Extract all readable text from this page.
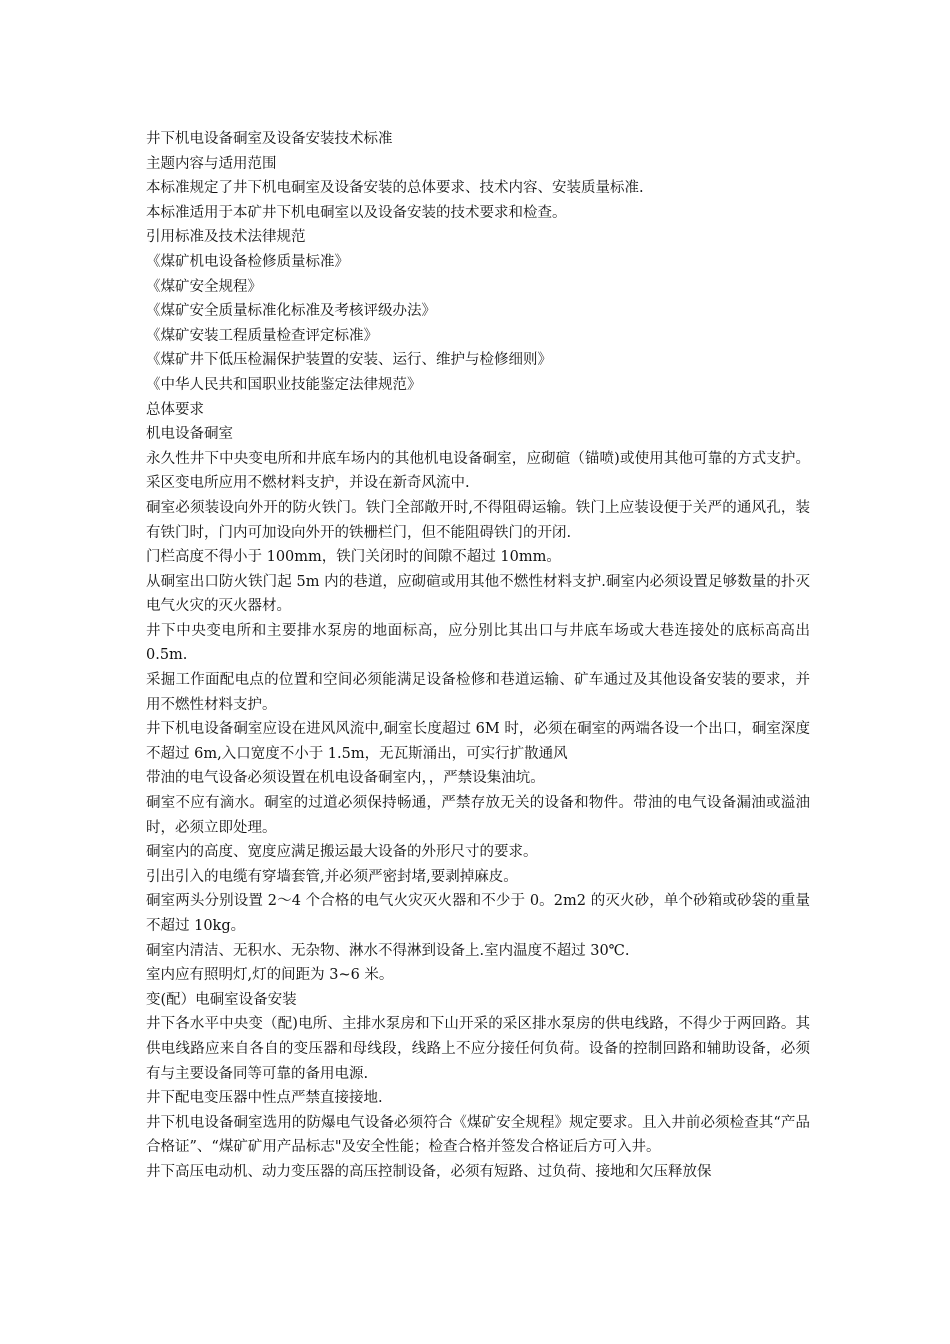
井下机电设备硐室及设备安装技术标准

主题内容与适用范围

本标准规定了井下机电硐室及设备安装的总体要求、技术内容、安装质量标准.

本标准适用于本矿井下机电硐室以及设备安装的技术要求和检查。

引用标准及技术法律规范

《煤矿机电设备检修质量标准》

《煤矿安全规程》

《煤矿安全质量标准化标准及考核评级办法》

《煤矿安装工程质量检查评定标准》

《煤矿井下低压检漏保护装置的安装、运行、维护与检修细则》

《中华人民共和国职业技能鉴定法律规范》

总体要求

机电设备硐室

永久性井下中央变电所和井底车场内的其他机电设备硐室，应砌碹（锚喷)或使用其他可靠的方式支护。采区变电所应用不燃材料支护，并设在新奇风流中.

硐室必须装设向外开的防火铁门。铁门全部敞开时,不得阻碍运输。铁门上应装设便于关严的通风孔，装有铁门时，门内可加设向外开的铁栅栏门，但不能阻碍铁门的开闭.

门栏高度不得小于 100mm，铁门关闭时的间隙不超过 10mm。

从硐室出口防火铁门起 5m 内的巷道，应砌碹或用其他不燃性材料支护.硐室内必须设置足够数量的扑灭电气火灾的灭火器材。

井下中央变电所和主要排水泵房的地面标高，应分别比其出口与井底车场或大巷连接处的底标高高出 0.5m.

采掘工作面配电点的位置和空间必须能满足设备检修和巷道运输、矿车通过及其他设备安装的要求，并用不燃性材料支护。

井下机电设备硐室应设在进风风流中,硐室长度超过 6M 时，必须在硐室的两端各设一个出口，硐室深度不超过 6m,入口宽度不小于 1.5m，无瓦斯涌出，可实行扩散通风

带油的电气设备必须设置在机电设备硐室内，，严禁设集油坑。

硐室不应有滴水。硐室的过道必须保持畅通，严禁存放无关的设备和物件。带油的电气设备漏油或溢油时，必须立即处理。

硐室内的高度、宽度应满足搬运最大设备的外形尺寸的要求。

引出引入的电缆有穿墙套管,并必须严密封堵,要剥掉麻皮。

硐室两头分别设置 2～4 个合格的电气火灾灭火器和不少于 0。2m2 的灭火砂，单个砂箱或砂袋的重量不超过 10kg。

硐室内清洁、无积水、无杂物、淋水不得淋到设备上.室内温度不超过 30℃.

室内应有照明灯,灯的间距为 3~6 米。

变(配）电硐室设备安装

井下各水平中央变（配)电所、主排水泵房和下山开采的采区排水泵房的供电线路，不得少于两回路。其供电线路应来自各自的变压器和母线段，线路上不应分接任何负荷。设备的控制回路和辅助设备，必须有与主要设备同等可靠的备用电源.

井下配电变压器中性点严禁直接接地.

井下机电设备硐室选用的防爆电气设备必须符合《煤矿安全规程》规定要求。且入井前必须检查其“产品合格证”、“煤矿矿用产品标志"及安全性能；检查合格并签发合格证后方可入井。

井下高压电动机、动力变压器的高压控制设备，必须有短路、过负荷、接地和欠压释放保
